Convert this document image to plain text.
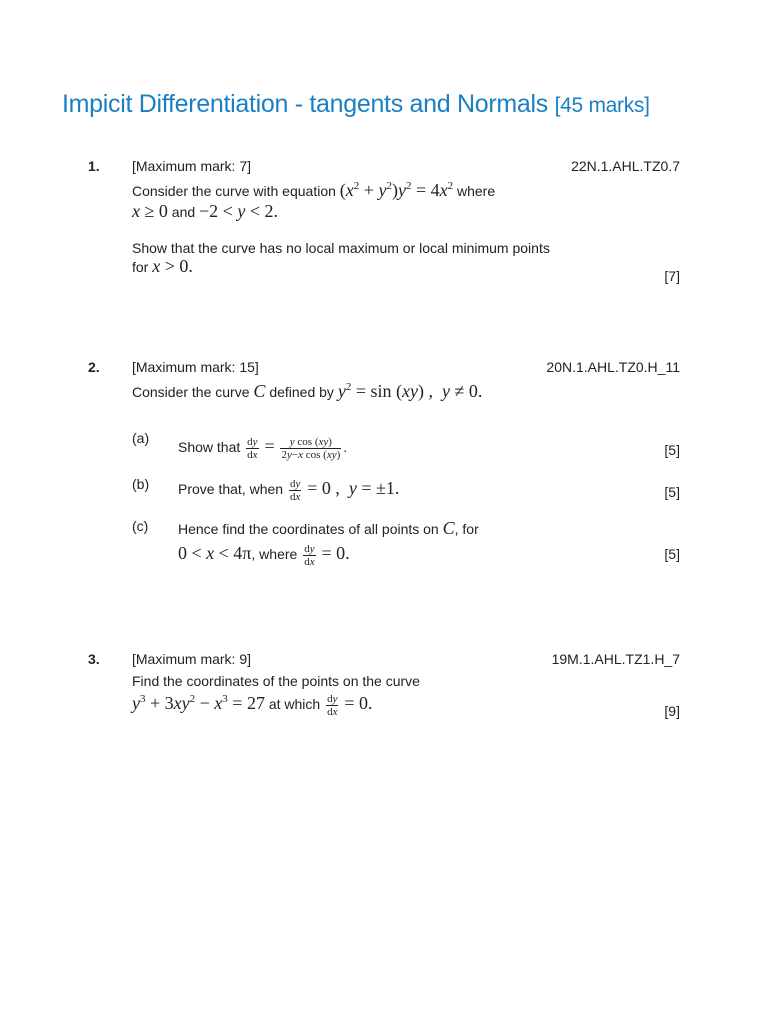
Impicit Differentiation - tangents and Normals [45 marks]
1. [Maximum mark: 7]	22N.1.AHL.TZ0.7
Consider the curve with equation $(x^2 + y^2)y^2 = 4x^2$ where
x ≥ 0 and −2 < y < 2.
Show that the curve has no local maximum or local minimum points
for x > 0.	[7]
2. [Maximum mark: 15]	20N.1.AHL.TZ0.H_11
Consider the curve C defined by $y^2 = \sin (xy)$ ,  y ≠ 0.
(a)
Show that $\frac{dy}{dx} = \frac{\text{y cos (xy)}}{\text{2y−x cos (xy)}}$ .	[5]
(b) Prove that, when $\frac{dy}{dx} = 0$ ,  y = ±1.	[5]
(c) Hence find the coordinates of all points on C, for
0 < x < 4π, where $\frac{dy}{dx} = 0$.	[5]
3. [Maximum mark: 9]	19M.1.AHL.TZ1.H_7
Find the coordinates of the points on the curve
$y^3 + 3xy^2 - x^3 = 27$ at which $\frac{dy}{dx} = 0$.	[9]
